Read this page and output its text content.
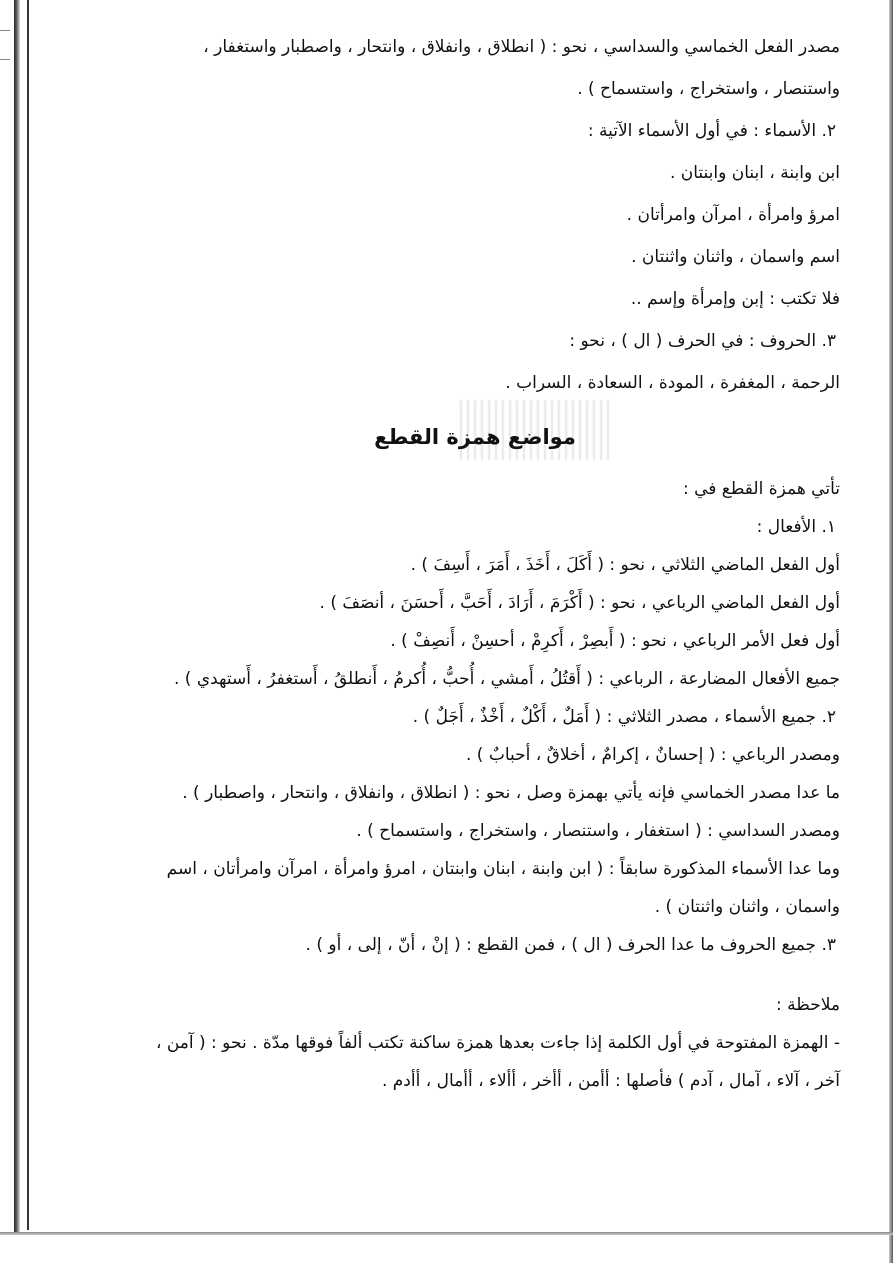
مصدر الفعل الخماسي والسداسي ، نحو : ( انطلاق ، وانفلاق ، وانتحار ، واصطبار واستغفار ،
واستنصار ، واستخراج ، واستسماح ) .
٢. الأسماء : في أول الأسماء الآتية :
ابن وابنة ، ابنان وابنتان .
امرؤ وامرأة ، امرآن وامرأتان .
اسم واسمان ، واثنان واثنتان .
فلا تكتب : إبن وإمرأة وإسم ..
٣. الحروف : في الحرف ( ال ) ، نحو :
الرحمة ، المغفرة ، المودة ، السعادة ، السراب .
مواضع همزة القطع
تأتي همزة القطع في :
١. الأفعال :
أول الفعل الماضي الثلاثي ، نحو : ( أَكَلَ ، أَخَذَ ، أَمَرَ ، أَسِفَ ) .
أول الفعل الماضي الرباعي ، نحو : ( أَكْرَمَ ، أَرَادَ ، أَحَبَّ ، أَحسَنَ ، أنصَفَ ) .
أول فعل الأمر الرباعي ، نحو : ( أَبصِرْ ، أَكرِمْ ، أحسِنْ ، أَنصِفْ ) .
جميع الأفعال المضارعة ، الرباعي : ( أَقتُلُ ، أَمشي ، أُحبُّ ، أُكرمُ ، أَنطلقُ ، أَستغفرُ ، أَستهدي ) .
٢. جميع الأسماء ، مصدر الثلاثي : ( أَمَلٌ ، أَكْلٌ ، أَخْذٌ ، أَجَلٌ ) .
ومصدر الرباعي : ( إحسانٌ ، إكرامٌ ، أخلاقٌ ، أحبابٌ ) .
ما عدا مصدر الخماسي فإنه يأتي بهمزة وصل ، نحو : ( انطلاق ، وانفلاق ، وانتحار ، واصطبار ) .
ومصدر السداسي : ( استغفار ، واستنصار ، واستخراج ، واستسماح ) .
وما عدا الأسماء المذكورة سابقاً : ( ابن وابنة ، ابنان وابنتان ، امرؤ وامرأة ، امرآن وامرأتان ، اسم
واسمان ، واثنان واثنتان ) .
٣. جميع الحروف ما عدا الحرف ( ال ) ، فمن القطع : ( إنْ ، أنّ ، إلى ، أو ) .
ملاحظة :
- الهمزة المفتوحة في أول الكلمة إذا جاءت بعدها همزة ساكنة تكتب ألفاً فوقها مدّة . نحو : ( آمن ،
آخر ، آلاء ، آمال ، آدم ) فأصلها : أأمن ، أأخر ، أألاء ، أأمال ، أأدم .
